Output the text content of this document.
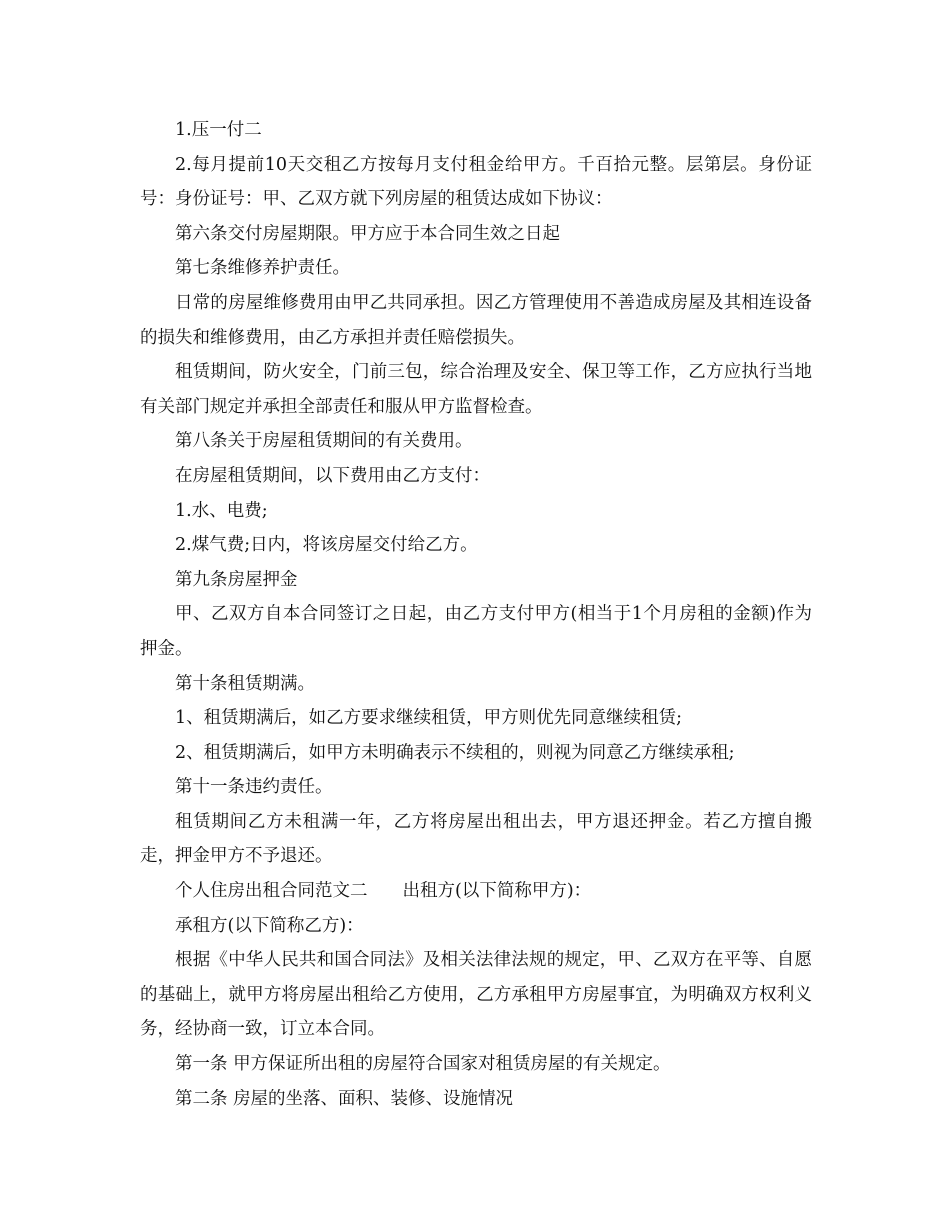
1.压一付二

2.每月提前10天交租乙方按每月支付租金给甲方。千百拾元整。层第层。身份证号：身份证号：甲、乙双方就下列房屋的租赁达成如下协议：

第六条交付房屋期限。甲方应于本合同生效之日起

第七条维修养护责任。

日常的房屋维修费用由甲乙共同承担。因乙方管理使用不善造成房屋及其相连设备的损失和维修费用，由乙方承担并责任赔偿损失。

租赁期间，防火安全，门前三包，综合治理及安全、保卫等工作，乙方应执行当地有关部门规定并承担全部责任和服从甲方监督检查。

第八条关于房屋租赁期间的有关费用。

在房屋租赁期间，以下费用由乙方支付：

1.水、电费;

2.煤气费;日内，将该房屋交付给乙方。

第九条房屋押金

甲、乙双方自本合同签订之日起，由乙方支付甲方(相当于1个月房租的金额)作为押金。

第十条租赁期满。

1、租赁期满后，如乙方要求继续租赁，甲方则优先同意继续租赁;

2、租赁期满后，如甲方未明确表示不续租的，则视为同意乙方继续承租;

第十一条违约责任。

租赁期间乙方未租满一年，乙方将房屋出租出去，甲方退还押金。若乙方擅自搬走，押金甲方不予退还。

个人住房出租合同范文二　　出租方(以下简称甲方)：

承租方(以下简称乙方)：

根据《中华人民共和国合同法》及相关法律法规的规定，甲、乙双方在平等、自愿的基础上，就甲方将房屋出租给乙方使用，乙方承租甲方房屋事宜，为明确双方权利义务，经协商一致，订立本合同。

第一条 甲方保证所出租的房屋符合国家对租赁房屋的有关规定。

第二条 房屋的坐落、面积、装修、设施情况
